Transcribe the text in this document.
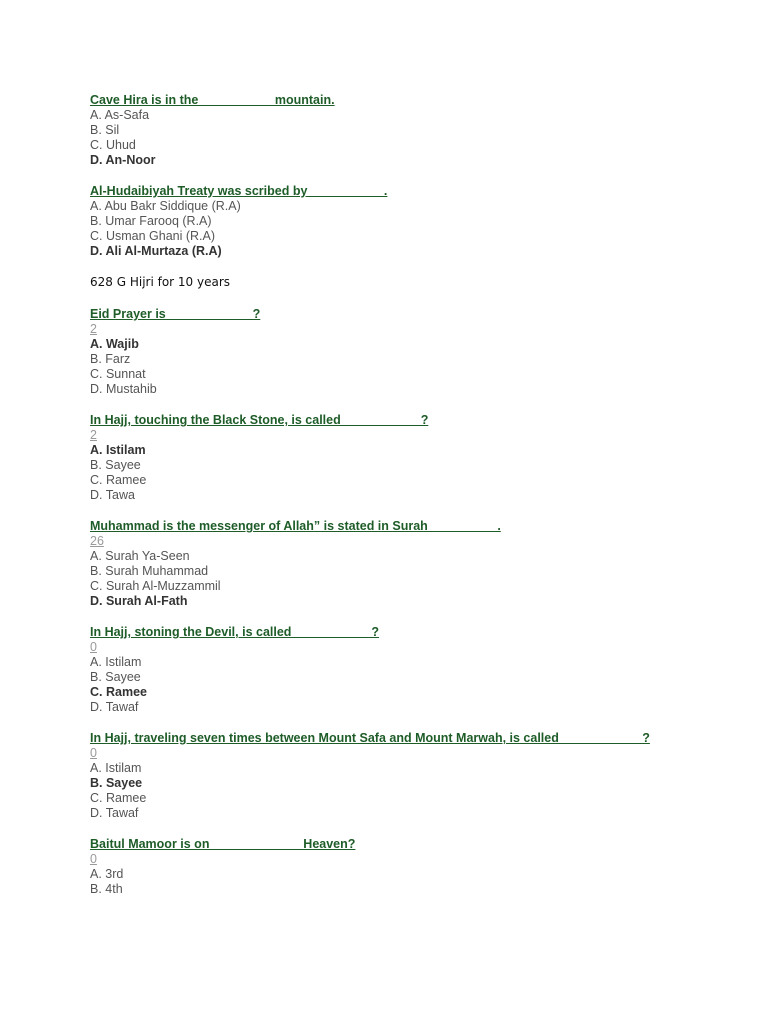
Cave Hira is in the __________ mountain.
A. As-Safa
B. Sil
C. Uhud
D. An-Noor
Al-Hudaibiyah Treaty was scribed by___________.
A. Abu Bakr Siddique (R.A)
B. Umar Farooq (R.A)
C. Usman Ghani (R.A)
D. Ali Al-Murtaza (R.A)
628 G Hijri for 10 years
Eid Prayer is ____________?
2
A. Wajib
B. Farz
C. Sunnat
D. Mustahib
In Hajj, touching the Black Stone, is called ___________?
2
A. Istilam
B. Sayee
C. Ramee
D. Tawa
Muhammad is the messenger of Allah” is stated in Surah__________.
26
A. Surah Ya-Seen
B. Surah Muhammad
C. Surah Al-Muzzammil
D. Surah Al-Fath
In Hajj, stoning the Devil, is called ___________?
0
A. Istilam
B. Sayee
C. Ramee
D. Tawaf
In Hajj, traveling seven times between Mount Safa and Mount Marwah, is called____________?
0
A. Istilam
B. Sayee
C. Ramee
D. Tawaf
Baitul Mamoor is on _____________Heaven?
0
A. 3rd
B. 4th
